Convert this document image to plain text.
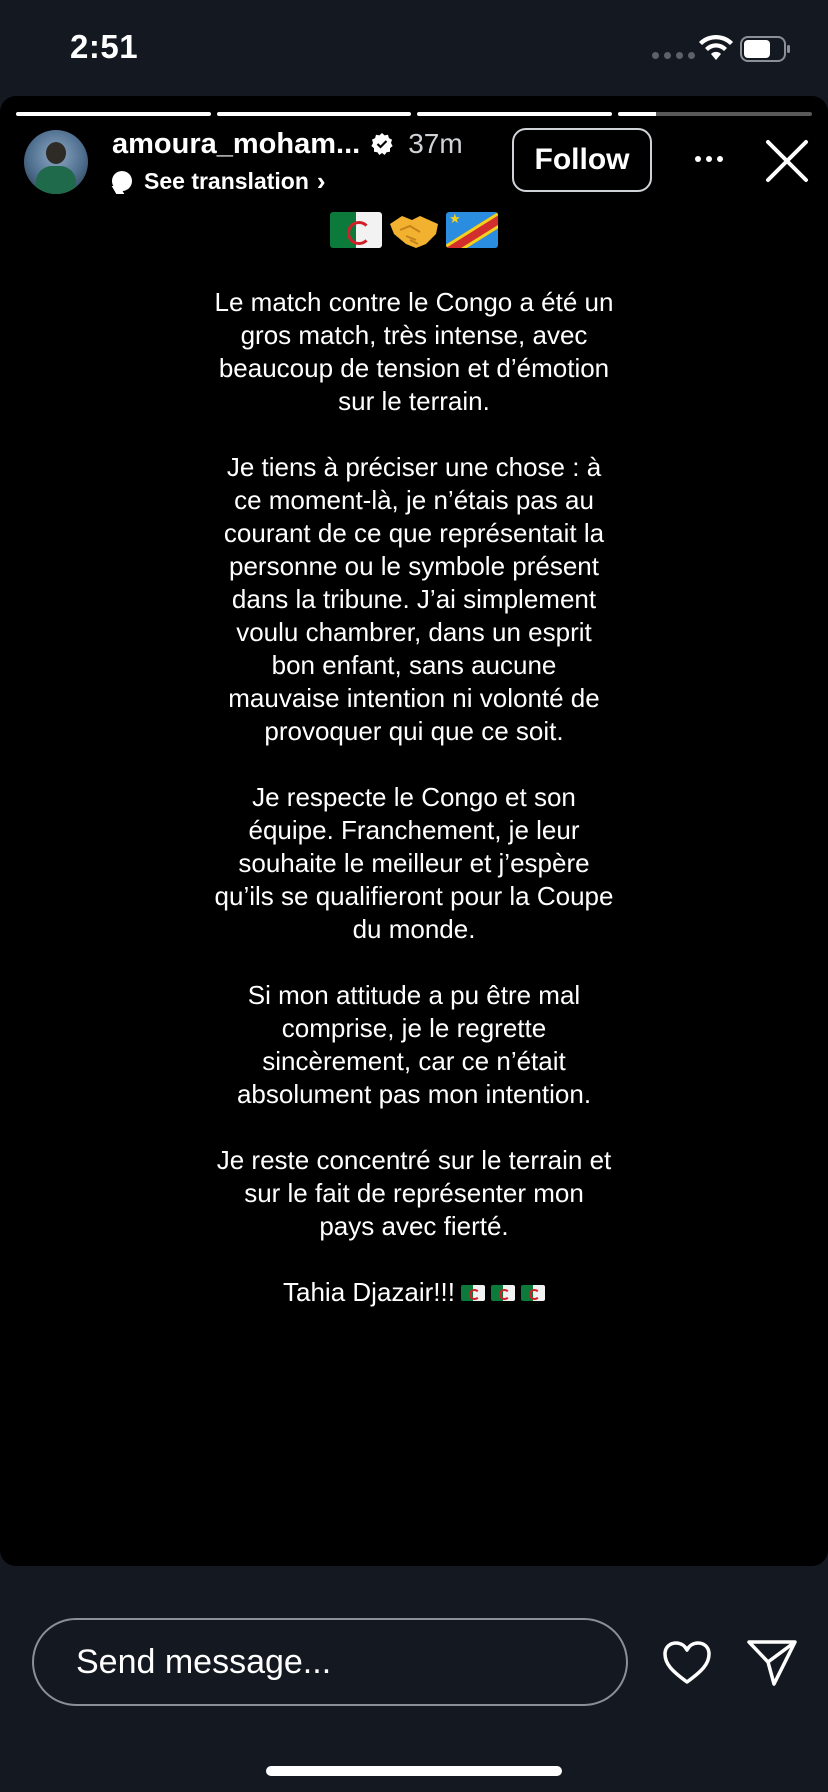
2:51
amoura_moham... 37m
See translation ›
Follow
★

Le match contre le Congo a été un gros match, très intense, avec beaucoup de tension et d’émotion sur le terrain.

Je tiens à préciser une chose : à ce moment-là, je n’étais pas au courant de ce que représentait la personne ou le symbole présent dans la tribune. J’ai simplement voulu chambrer, dans un esprit bon enfant, sans aucune mauvaise intention ni volonté de provoquer qui que ce soit.

Je respecte le Congo et son équipe. Franchement, je leur souhaite le meilleur et j’espère qu’ils se qualifieront pour la Coupe du monde.

Si mon attitude a pu être mal comprise, je le regrette sincèrement, car ce n’était absolument pas mon intention.

Je reste concentré sur le terrain et sur le fait de représenter mon pays avec fierté.

Tahia Djazair!!!
Send message...
